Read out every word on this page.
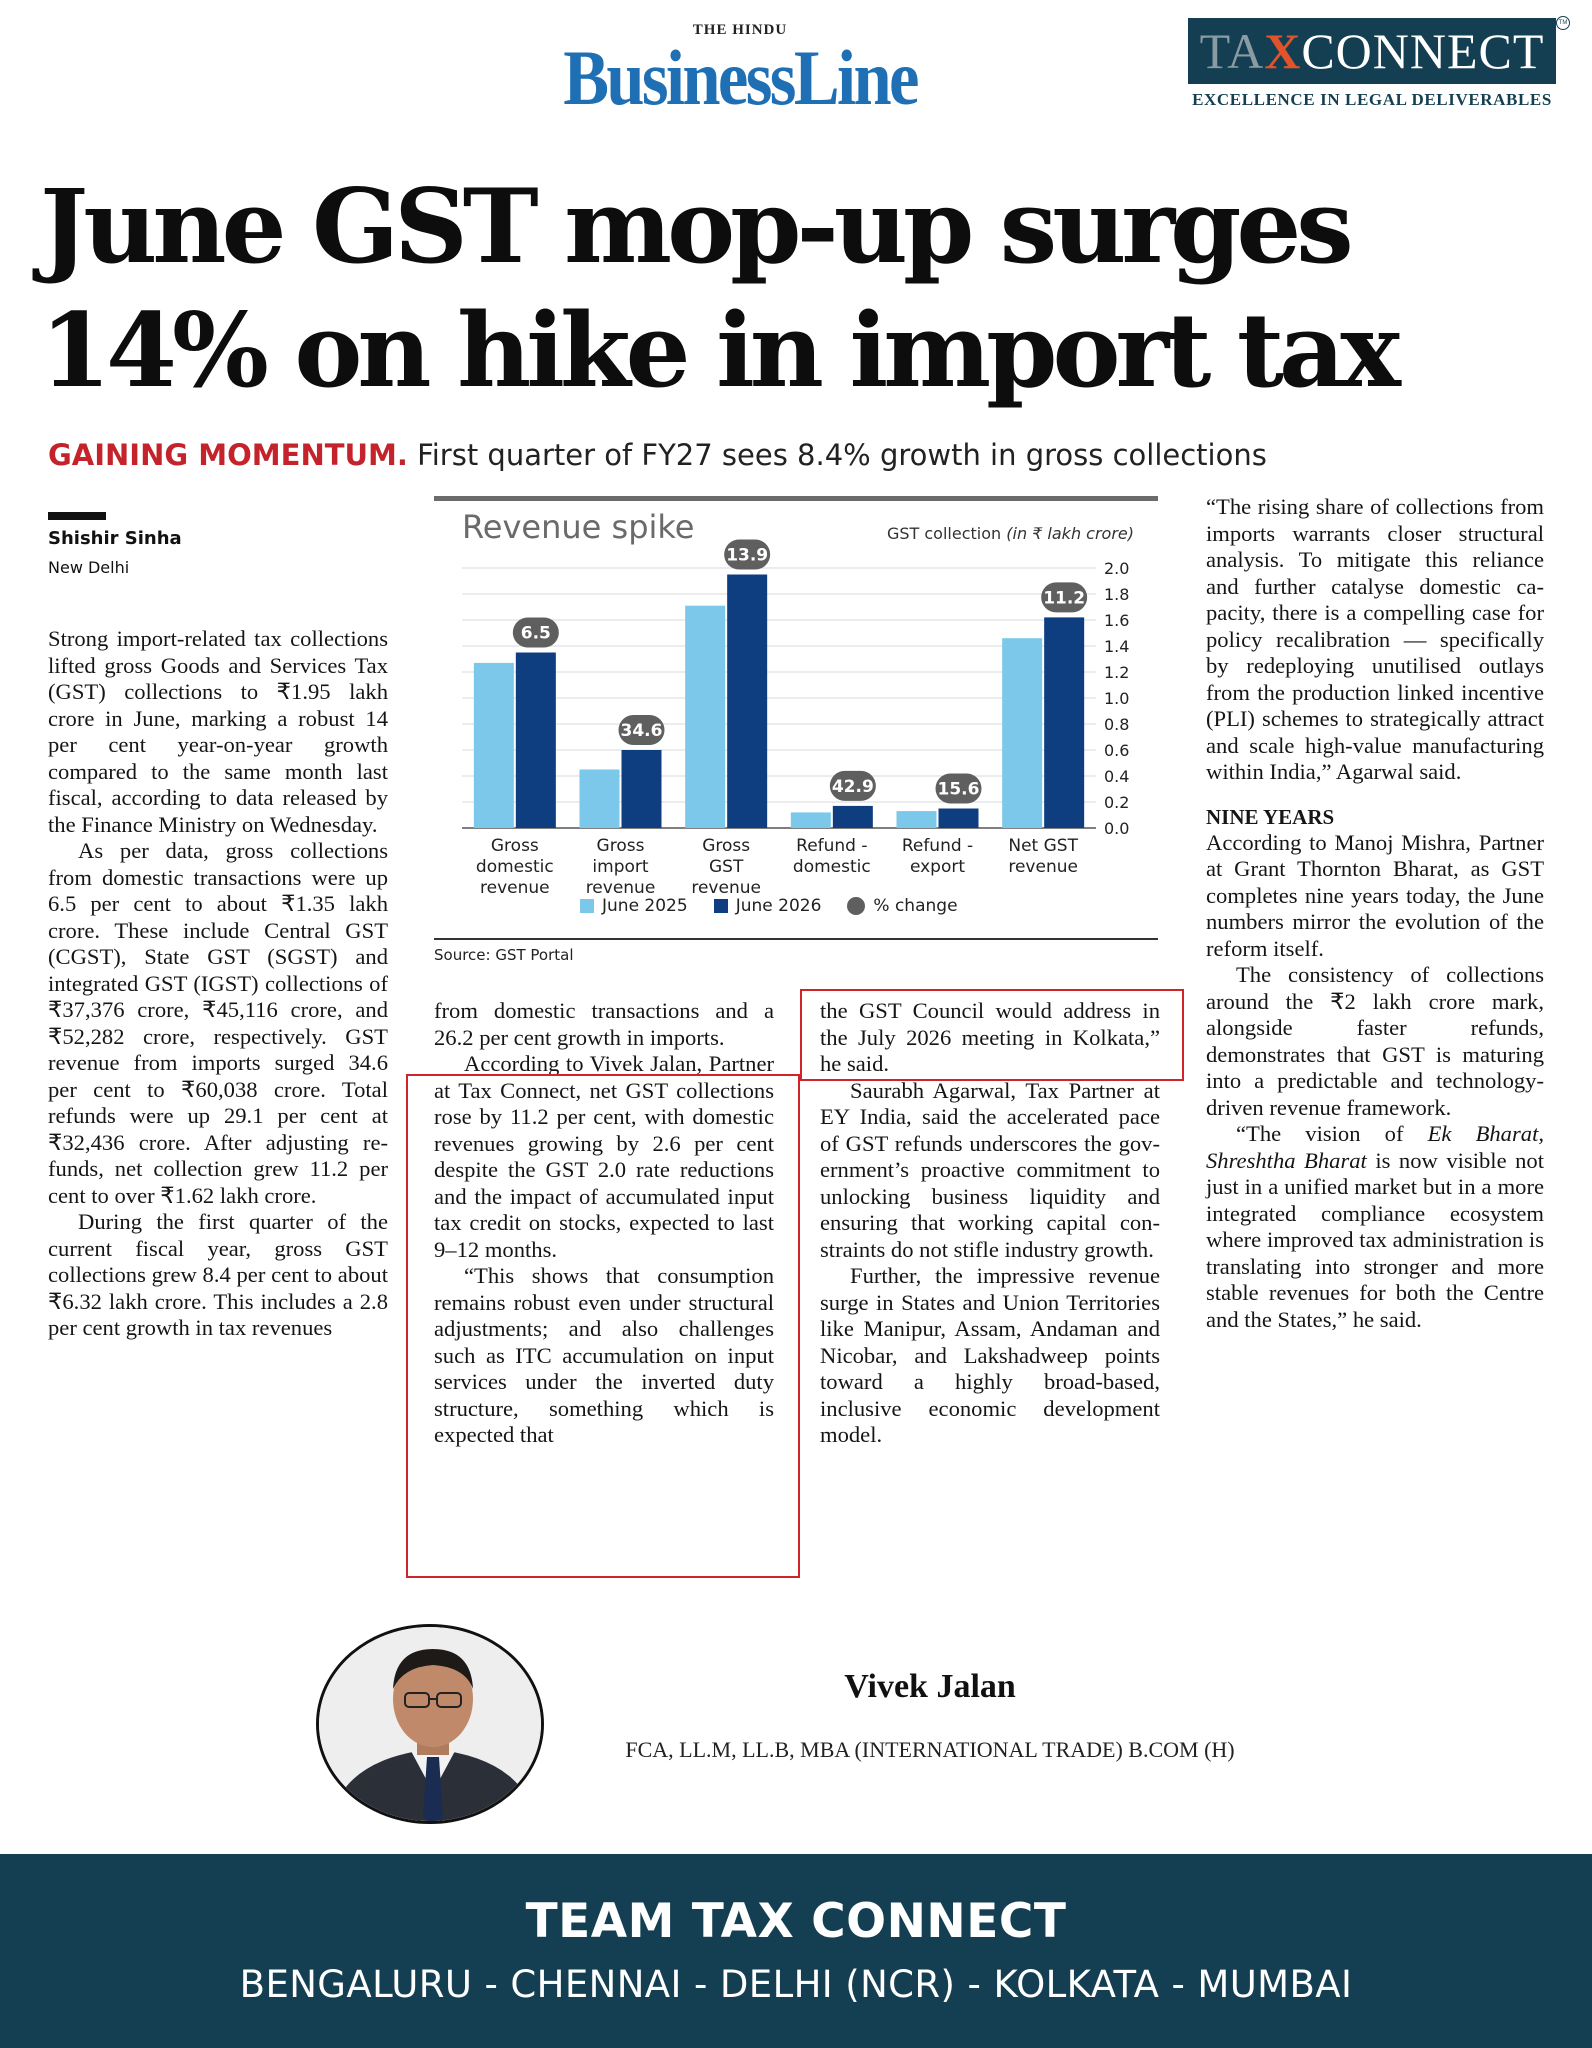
THE HINDU
BusinessLine	TA X CONNECT	TM
EXCELLENCE IN LEGAL DELIVERABLES
June GST mop-up surges
14% on hike in import tax
GAINING MOMENTUM. First quarter of FY27 sees 8.4% growth in gross collections
Shishir Sinha
New Delhi

Strong import-related tax collections lifted gross Goods and Services Tax (GST) collections to ₹1.95 lakh crore in June, marking a robust 14 per cent year-on-year growth compared to the same month last fiscal, according to data released by the Finance Ministry on Wednesday.

As per data, gross collections from domestic transactions were up 6.5 per cent to about ₹1.35 lakh crore. These include Central GST (CGST), State GST (SGST) and integrated GST (IGST) collections of ₹37,376 crore, ₹45,116 crore, and ₹52,282 crore, respectively. GST revenue from imports surged 34.6 per cent to ₹60,038 crore. Total refunds were up 29.1 per cent at ₹32,436 crore. After adjusting refunds, net collection grew 11.2 per cent to over ₹1.62 lakh crore.

During the first quarter of the current fiscal year, gross GST collections grew 8.4 per cent to about ₹6.32 lakh crore. This includes a 2.8 per cent growth in tax revenues

from domestic transactions and a 26.2 per cent growth in imports.

According to Vivek Jalan, Partner at Tax Connect, net GST collections rose by 11.2 per cent, with domestic revenues growing by 2.6 per cent despite the GST 2.0 rate reductions and the impact of accumulated input tax credit on stocks, expected to last 9–12 months.

“This shows that consumption remains robust even under structural adjustments; and also challenges such as ITC accumulation on input services under the inverted duty structure, something which is expected that

the GST Council would address in the July 2026 meeting in Kolkata,” he said.

Saurabh Agarwal, Tax Partner at EY India, said the accelerated pace of GST refunds underscores the government’s proactive commitment to unlocking business liquidity and ensuring that working capital constraints do not stifle industry growth.

Further, the impressive revenue surge in States and Union Territories like Manipur, Assam, Andaman and Nicobar, and Lakshadweep points toward a highly broad-based, inclusive economic development model.

“The rising share of collections from imports warrants closer structural analysis. To mitigate this reliance and further catalyse domestic capacity, there is a compelling case for policy recalibration — specifically by redeploying unutilised outlays from the production linked incentive (PLI) schemes to strategically attract and scale high-value manufacturing within India,” Agarwal said.

NINE YEARS

According to Manoj Mishra, Partner at Grant Thornton Bharat, as GST completes nine years today, the June numbers mirror the evolution of the reform itself.

The consistency of collections around the ₹2 lakh crore mark, alongside faster refunds, demonstrates that GST is maturing into a predictable and technology-driven revenue framework.

“The vision of Ek Bharat, Shreshtha Bharat is now visible not just in a unified market but in a more integrated compliance ecosystem where improved tax administration is translating into stronger and more stable revenues for both the Centre and the States,” he said.

Revenue spike	GST collection (in ₹ lakh crore)
0.0
0.2
0.4
0.6
0.8
1.0
1.2
1.4
1.6
1.8
2.0
6.5
Gross
domestic
revenue
34.6
Gross
import
revenue
13.9
Gross
GST
revenue
42.9
Refund -
domestic
15.6
Refund -
export
11.2
Net GST
revenue
June 2025	June 2026	% change
Source: GST Portal
Vivek Jalan
FCA, LL.M, LL.B, MBA (INTERNATIONAL TRADE) B.COM (H)
TEAM TAX CONNECT
BENGALURU - CHENNAI - DELHI (NCR) - KOLKATA - MUMBAI
